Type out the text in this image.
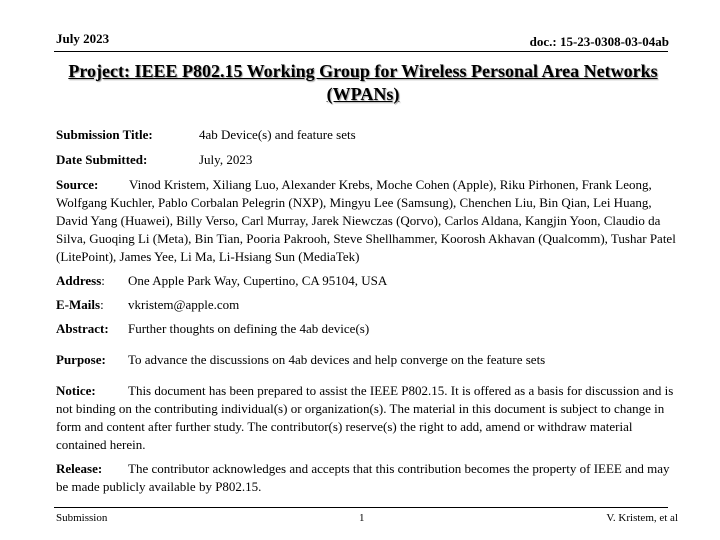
July 2023	doc.: 15-23-0308-03-04ab
Project: IEEE P802.15 Working Group for Wireless Personal Area Networks (WPANs)
Submission Title:	4ab Device(s) and feature sets
Date Submitted:	July, 2023

Source: Vinod Kristem, Xiliang Luo, Alexander Krebs, Moche Cohen (Apple), Riku Pirhonen, Frank Leong, Wolfgang Kuchler, Pablo Corbalan Pelegrin (NXP), Mingyu Lee (Samsung), Chenchen Liu, Bin Qian, Lei Huang, David Yang (Huawei), Billy Verso, Carl Murray, Jarek Niewczas (Qorvo), Carlos Aldana, Kangjin Yoon, Claudio da Silva, Guoqing Li (Meta), Bin Tian, Pooria Pakrooh, Steve Shellhammer, Koorosh Akhavan (Qualcomm), Tushar Patel (LitePoint), James Yee, Li Ma, Li-Hsiang Sun (MediaTek)

Address:	One Apple Park Way, Cupertino, CA 95104, USA
E-Mails:	vkristem@apple.com
Abstract:	Further thoughts on defining the 4ab device(s)
Purpose:	To advance the discussions on 4ab devices and help converge on the feature sets

Notice: This document has been prepared to assist the IEEE P802.15. It is offered as a basis for discussion and is not binding on the contributing individual(s) or organization(s). The material in this document is subject to change in form and content after further study. The contributor(s) reserve(s) the right to add, amend or withdraw material contained herein.

Release: The contributor acknowledges and accepts that this contribution becomes the property of IEEE and may be made publicly available by P802.15.

Submission	1	V. Kristem, et al
